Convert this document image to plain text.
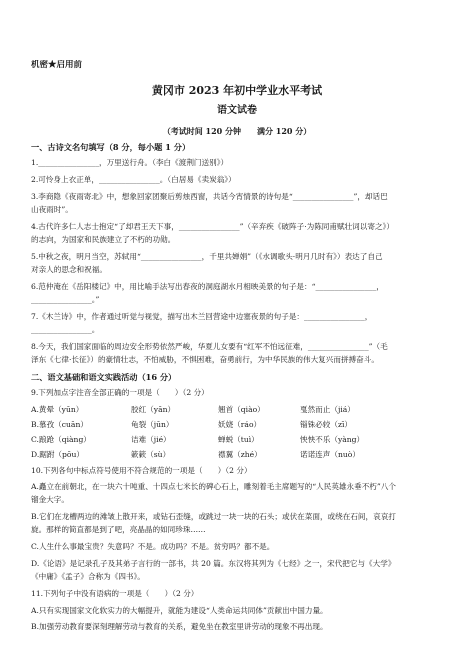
机密★启用前
黄冈市 2023 年初中学业水平考试
语文试卷
（考试时间 120 分钟　　满分 120 分）
一、古诗文名句填写（8 分，每小题 1 分）
1.________________，万里送行舟。（李白《渡荆门送别》）
2.可怜身上衣正单，________________。（白居易《卖炭翁》）
3.李商隐《夜雨寄北》中，想象回家团聚后剪烛西窗，共话今宵情景的诗句是“________________”，却话巴
山夜雨时”。
4.古代许多仁人志士抱定“了却君王天下事，________________”（辛弃疾《破阵子·为陈同甫赋壮词以寄之》）
的志向，为国家和民族建立了不朽的功勋。
5.中秋之夜，明月当空，苏轼用“________________，千里共婵娟”（《水调歌头·明月几时有》）表达了自己
对亲人的思念和祝福。
6.范仲淹在《岳阳楼记》中，用比喻手法写出春夜的洞庭湖水月相映美景的句子是：“________________，
________________。”
7.《木兰诗》中，作者通过听觉与视觉，描写出木兰回营途中边塞夜景的句子是：________________，
________________。
8.今天，我们国家面临的周边安全形势依然严峻，华夏儿女要有“红军不怕远征难，________________”（毛
泽东《七律·长征》）的豪情壮志，不怕威胁，不惧困难，奋勇前行，为中华民族的伟大复兴而拼搏奋斗。
二、语文基础和语文实践活动（16 分）
9.下列加点字注音全部正确的一项是（　　）（2 分）
A.黄晕（yūn）	胶红（yān）	翘首（qiào）	戛然而止（jiá）
B.慕孜（cuān）	龟裂（jūn）	妖娆（ráo）	锱铢必较（zī）
C.踉跄（qiàng）	诘难（jié）	蝉蜕（tuì）	怏怏不乐（yàng）
D.踞跗（pōu）	簌簌（sù）	襟翼（zhé）	诺诺连声（nuò）
10.下列各句中标点符号使用不符合规范的一项是（　　）（2 分）
A.矗立在前朝北，在一块六十吨重、十四点七米长的碑心石上，雕刻着毛主席题写的“人民英雄永垂不朽”八个
镏金大字。
B.它们在龙槽两边的滩皱上散开来，或钻石歪缝，或跳过一块一块的石头；或伏在菜面，或绕在石间，哀哀打
旋。那样的简直都是到了吧，亮晶晶的如同珍珠……
C.人生什么事最宝贵？失意吗？不是。成功吗？不是。贫穷吗？都不是。
D.《论语》是记录孔子及其弟子言行的一部书，共 20 篇。东汉将其列为《七经》之一，宋代把它与《大学》
《中庸》《孟子》合称为《四书》。
11.下列句子中没有语病的一项是（　　）（2 分）
A.只有实现国家文化软实力的大幅提升，就能为建设“人类命运共同体”贡献出中国力量。
B.加强劳动教育要深刻理解劳动与教育的关系，避免坐在教室里讲劳动的现象不再出现。
